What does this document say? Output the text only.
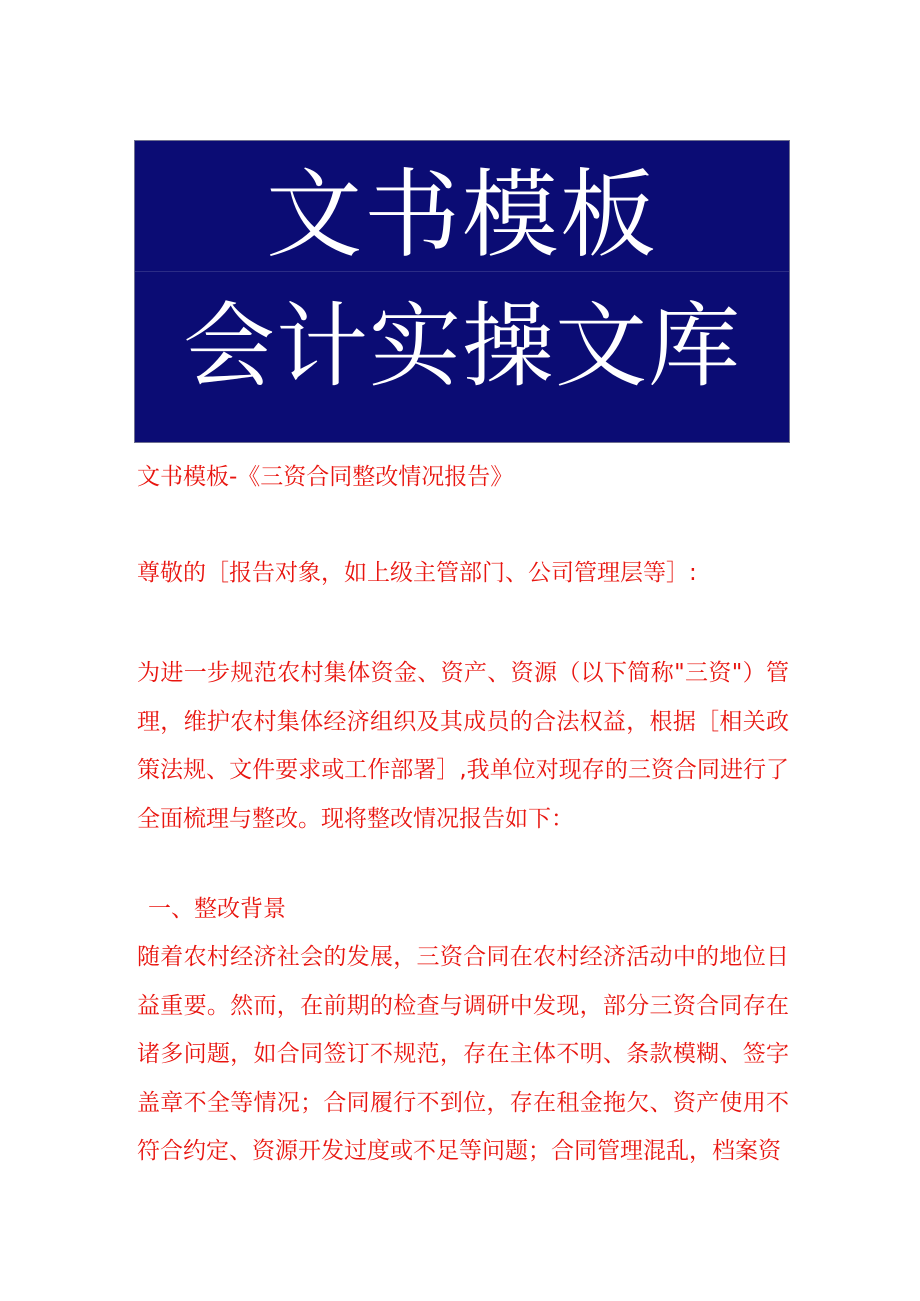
文书模板
会计实操文库
文书模板-《三资合同整改情况报告》
尊敬的［报告对象，如上级主管部门、公司管理层等］:

为进一步规范农村集体资金、资产、资源（以下简称"三资"）管理，维护农村集体经济组织及其成员的合法权益，根据［相关政策法规、文件要求或工作部署］,我单位对现存的三资合同进行了全面梳理与整改。现将整改情况报告如下：

一、整改背景

随着农村经济社会的发展，三资合同在农村经济活动中的地位日益重要。然而，在前期的检查与调研中发现，部分三资合同存在诸多问题，如合同签订不规范，存在主体不明、条款模糊、签字盖章不全等情况；合同履行不到位，存在租金拖欠、资产使用不符合约定、资源开发过度或不足等问题；合同管理混乱，档案资
